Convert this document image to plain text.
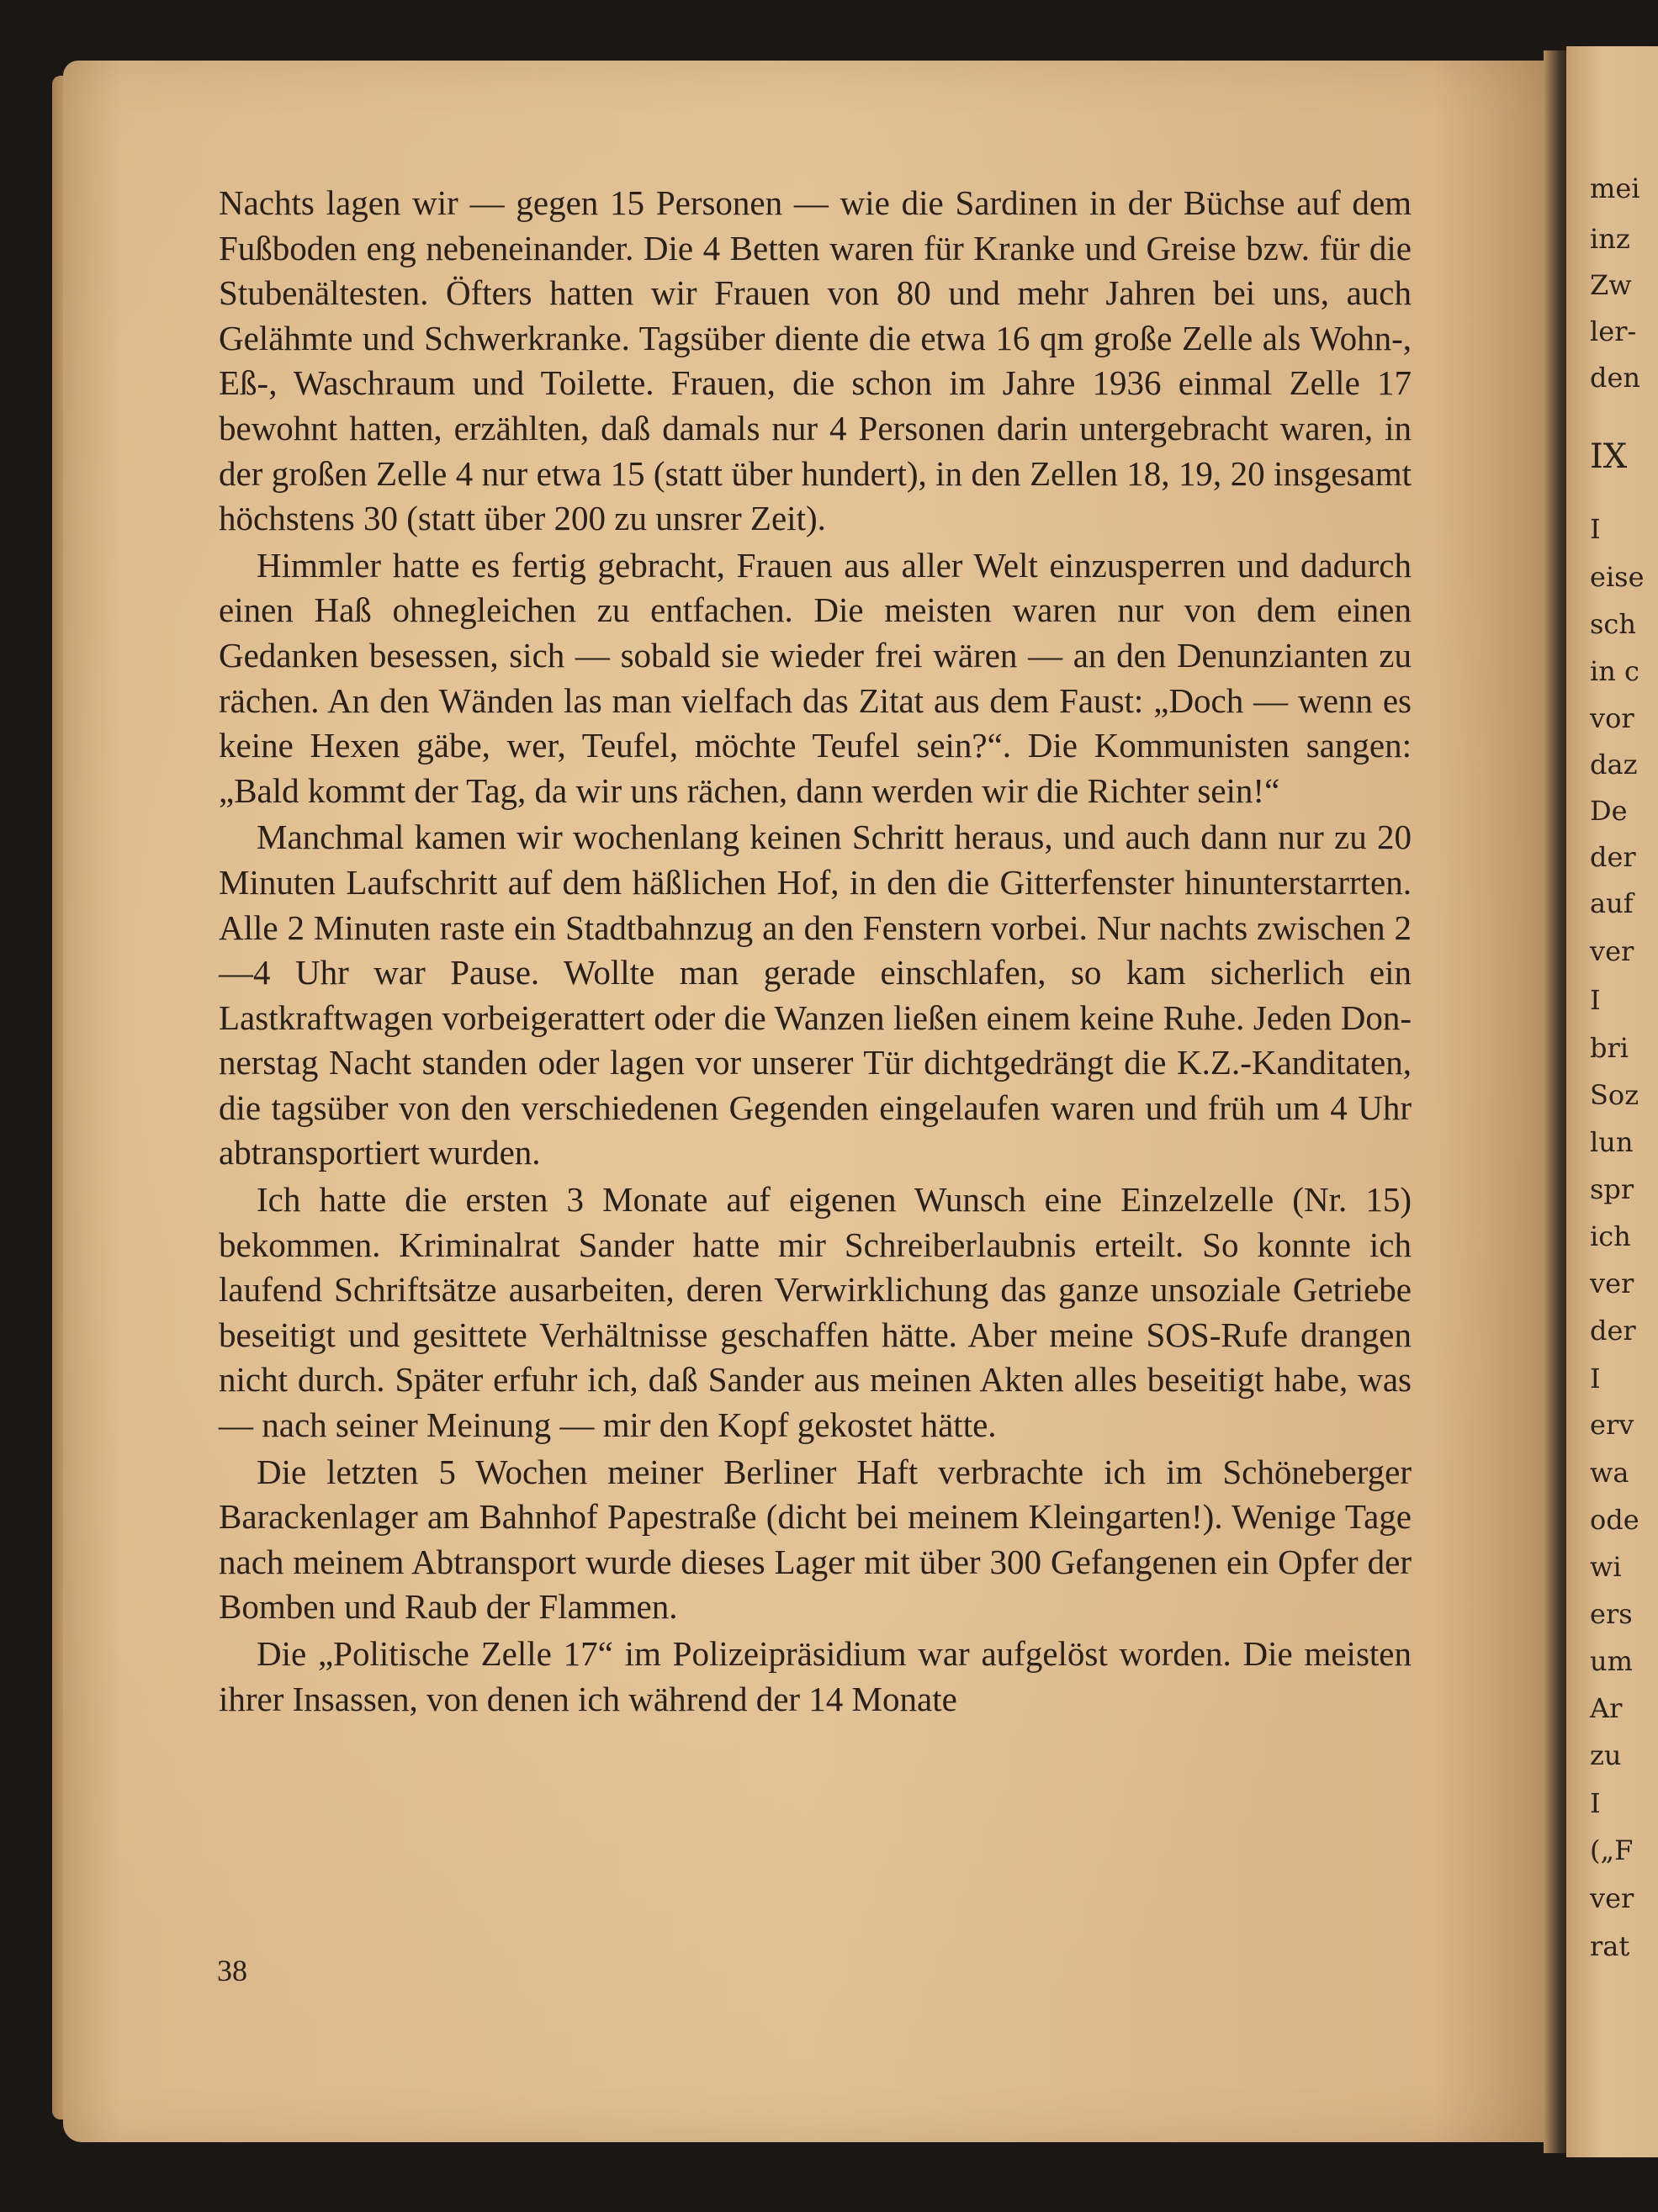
mei
inz
Zw
ler-
den
IX
I
eise
sch
in c
vor
daz
De
der
auf
ver
I
bri
Soz
lun
spr
ich
ver
der
I
erv
wa
ode
wi
ers
um
Ar
zu
I
(„F
ver
rat

Nachts lagen wir — gegen 15 Personen — wie die Sardinen in der Büchse auf dem Fußboden eng nebeneinander. Die 4 Betten waren für Kranke und Greise bzw. für die Stubenältesten. Öfters hatten wir Frauen von 80 und mehr Jahren bei uns, auch Gelähmte und Schwerkranke. Tagsüber diente die etwa 16 qm große Zelle als Wohn-, Eß-, Waschraum und Toilette. Frauen, die schon im Jahre 1936 einmal Zelle 17 bewohnt hatten, erzählten, daß damals nur 4 Personen darin untergebracht waren, in der großen Zelle 4 nur etwa 15 (statt über hundert), in den Zellen 18, 19, 20 insgesamt höchstens 30 (statt über 200 zu unsrer Zeit).

Himmler hatte es fertig gebracht, Frauen aus aller Welt einzusperren und dadurch einen Haß ohnegleichen zu entfachen. Die meisten waren nur von dem einen Gedanken besessen, sich — sobald sie wieder frei wären — an den Denunzianten zu rächen. An den Wänden las man vielfach das Zitat aus dem Faust: „Doch — wenn es keine Hexen gäbe, wer, Teufel, möchte Teufel sein?“. Die Kommunisten sangen: „Bald kommt der Tag, da wir uns rächen, dann werden wir die Richter sein!“

Manchmal kamen wir wochenlang keinen Schritt heraus, und auch dann nur zu 20 Minuten Laufschritt auf dem häßlichen Hof, in den die Gitterfenster hinunterstarrten. Alle 2 Minuten raste ein Stadtbahnzug an den Fenstern vorbei. Nur nachts zwischen 2—4 Uhr war Pause. Wollte man gerade einschlafen, so kam sicherlich ein Lastkraftwagen vorbeigerattert oder die Wanzen ließen einem keine Ruhe. Jeden Donnerstag Nacht standen oder lagen vor unserer Tür dichtgedrängt die K.Z.-Kanditaten, die tagsüber von den verschiedenen Gegenden eingelaufen waren und früh um 4 Uhr abtransportiert wurden.

Ich hatte die ersten 3 Monate auf eigenen Wunsch eine Einzelzelle (Nr. 15) bekommen. Kriminalrat Sander hatte mir Schreiberlaubnis erteilt. So konnte ich laufend Schriftsätze ausarbeiten, deren Verwirklichung das ganze unsoziale Getriebe beseitigt und gesittete Verhältnisse geschaffen hätte. Aber meine SOS-Rufe drangen nicht durch. Später erfuhr ich, daß Sander aus meinen Akten alles beseitigt habe, was — nach seiner Meinung — mir den Kopf gekostet hätte.

Die letzten 5 Wochen meiner Berliner Haft verbrachte ich im Schöneberger Barackenlager am Bahnhof Papestraße (dicht bei meinem Kleingarten!). Wenige Tage nach meinem Abtransport wurde dieses Lager mit über 300 Gefangenen ein Opfer der Bomben und Raub der Flammen.

Die „Politische Zelle 17“ im Polizeipräsidium war aufgelöst worden. Die meisten ihrer Insassen, von denen ich während der 14 Monate

38
